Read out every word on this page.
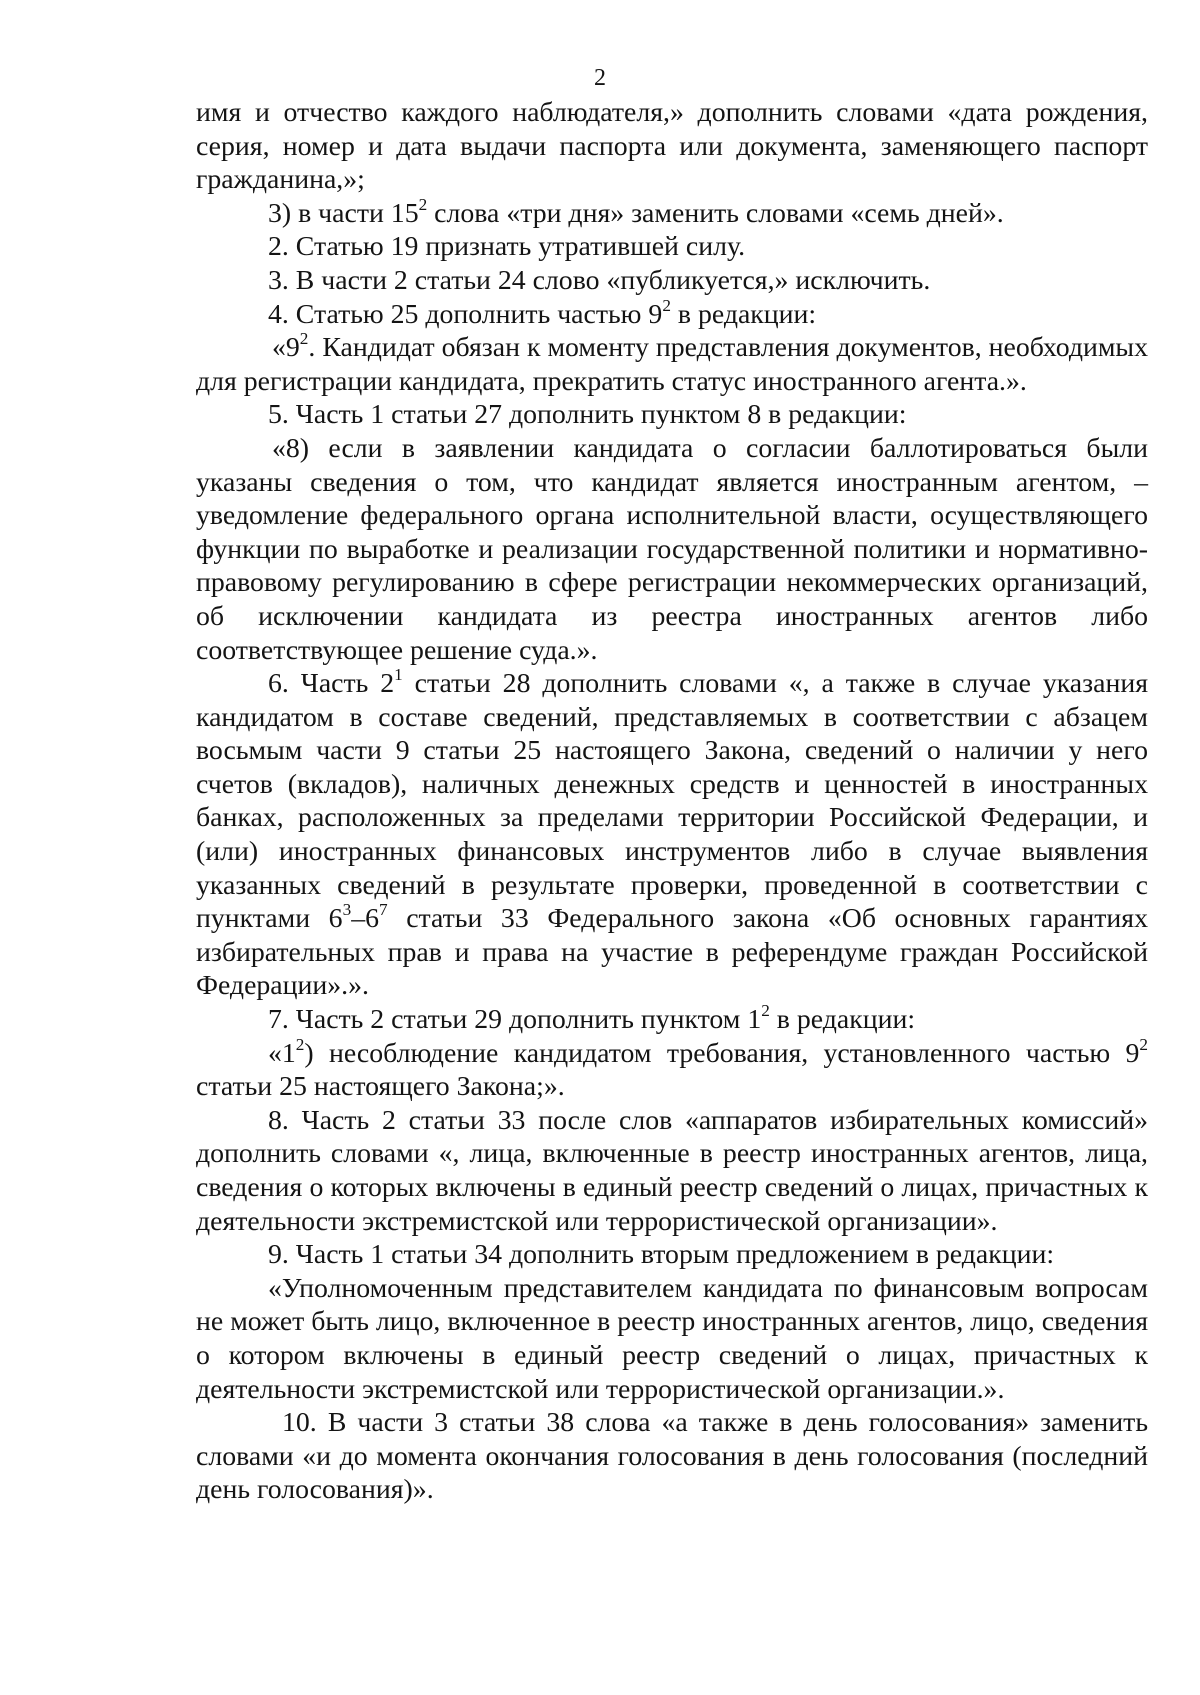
2

имя и отчество каждого наблюдателя,» дополнить словами «дата рождения, серия, номер и дата выдачи паспорта или документа, заменяющего паспорт гражданина,»;

3) в части $15^2$ слова «три дня» заменить словами «семь дней».

2. Статью 19 признать утратившей силу.

3. В части 2 статьи 24 слово «публикуется,» исключить.

4. Статью 25 дополнить частью $9^2$ в редакции:

«$9^2$. Кандидат обязан к моменту представления документов, необходимых для регистрации кандидата, прекратить статус иностранного агента.».

5. Часть 1 статьи 27 дополнить пунктом 8 в редакции:

«8) если в заявлении кандидата о согласии баллотироваться были указаны сведения о том, что кандидат является иностранным агентом, – уведомление федерального органа исполнительной власти, осуществляющего функции по выработке и реализации государственной политики и нормативно-правовому регулированию в сфере регистрации некоммерческих организаций, об исключении кандидата из реестра иностранных агентов либо соответствующее решение суда.».

6. Часть $2^1$ статьи 28 дополнить словами «, а также в случае указания кандидатом в составе сведений, представляемых в соответствии с абзацем восьмым части 9 статьи 25 настоящего Закона, сведений о наличии у него счетов (вкладов), наличных денежных средств и ценностей в иностранных банках, расположенных за пределами территории Российской Федерации, и (или) иностранных финансовых инструментов либо в случае выявления указанных сведений в результате проверки, проведенной в соответствии с пунктами $6^3-6^7$ статьи 33 Федерального закона «Об основных гарантиях избирательных прав и права на участие в референдуме граждан Российской Федерации».».

7. Часть 2 статьи 29 дополнить пунктом $1^2$ в редакции:

«$1^2$) несоблюдение кандидатом требования, установленного частью $9^2$ статьи 25 настоящего Закона;».

8. Часть 2 статьи 33 после слов «аппаратов избирательных комиссий» дополнить словами «, лица, включенные в реестр иностранных агентов, лица, сведения о которых включены в единый реестр сведений о лицах, причастных к деятельности экстремистской или террористической организации».

9. Часть 1 статьи 34 дополнить вторым предложением в редакции:

«Уполномоченным представителем кандидата по финансовым вопросам не может быть лицо, включенное в реестр иностранных агентов, лицо, сведения о котором включены в единый реестр сведений о лицах, причастных к деятельности экстремистской или террористической организации.».

10. В части 3 статьи 38 слова «а также в день голосования» заменить словами «и до момента окончания голосования в день голосования (последний день голосования)».
